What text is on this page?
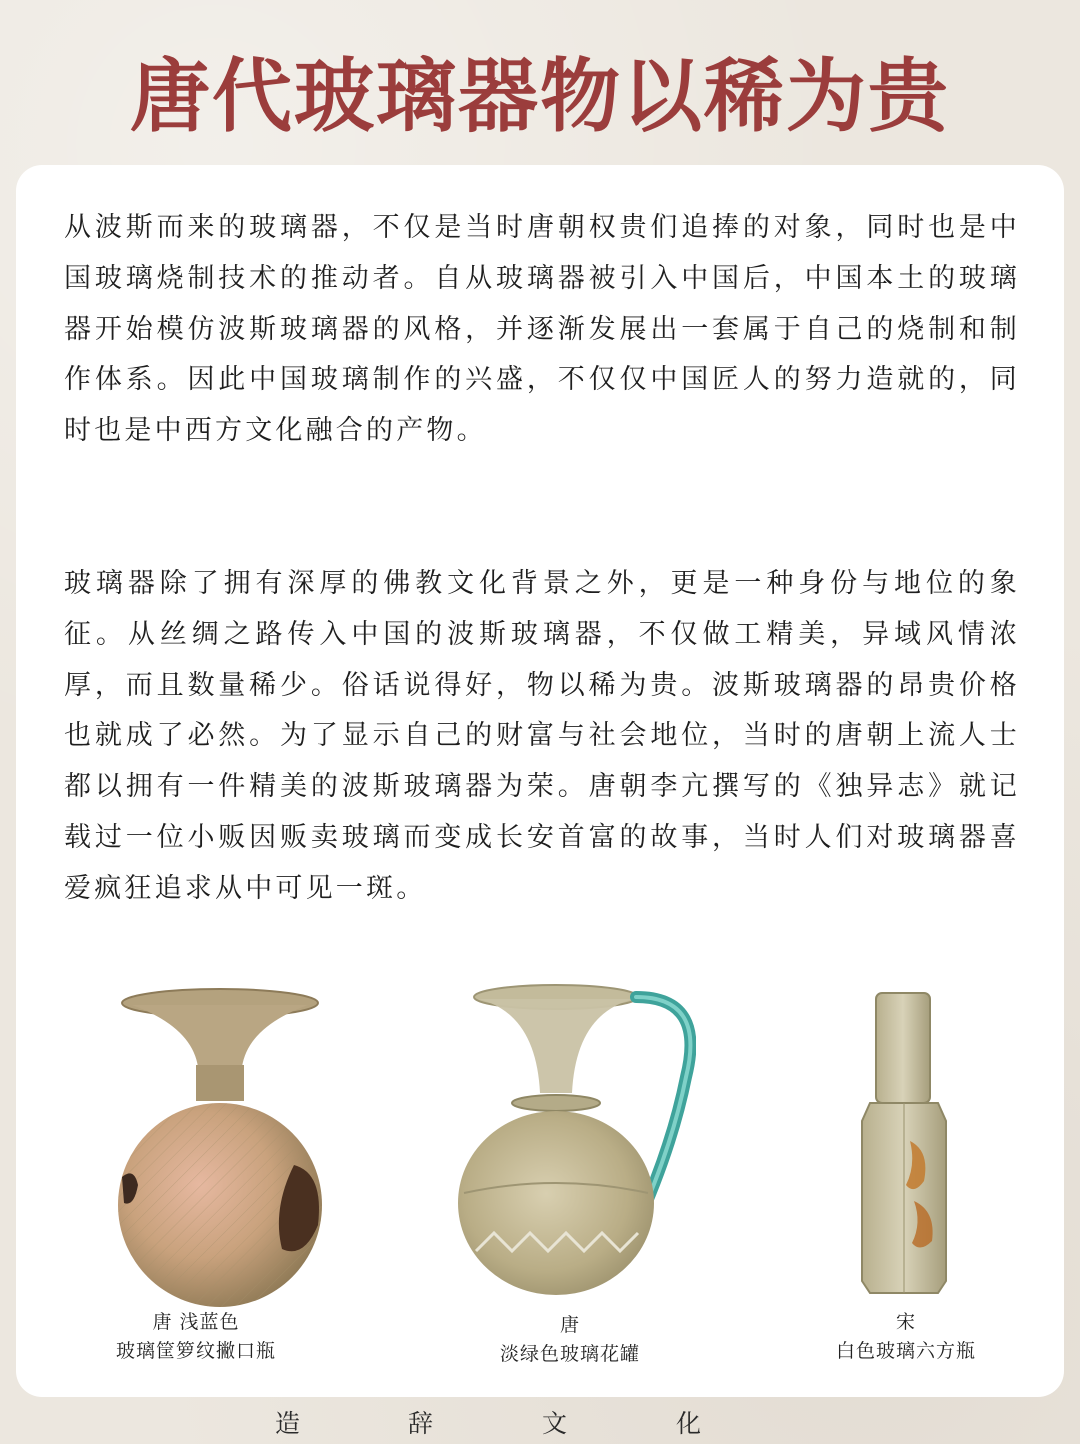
唐代玻璃器物以稀为贵

从波斯而来的玻璃器，不仅是当时唐朝权贵们追捧的对象，同时也是中国玻璃烧制技术的推动者。自从玻璃器被引入中国后，中国本土的玻璃器开始模仿波斯玻璃器的风格，并逐渐发展出一套属于自己的烧制和制作体系。因此中国玻璃制作的兴盛，不仅仅中国匠人的努力造就的，同时也是中西方文化融合的产物。

玻璃器除了拥有深厚的佛教文化背景之外，更是一种身份与地位的象征。从丝绸之路传入中国的波斯玻璃器，不仅做工精美，异域风情浓厚，而且数量稀少。俗话说得好，物以稀为贵。波斯玻璃器的昂贵价格也就成了必然。为了显示自己的财富与社会地位，当时的唐朝上流人士都以拥有一件精美的波斯玻璃器为荣。唐朝李亢撰写的《独异志》就记载过一位小贩因贩卖玻璃而变成长安首富的故事，当时人们对玻璃器喜爱疯狂追求从中可见一斑。

唐 浅蓝色
玻璃筐箩纹撇口瓶
唐
淡绿色玻璃花罐
宋
白色玻璃六方瓶
造	辞	文	化
